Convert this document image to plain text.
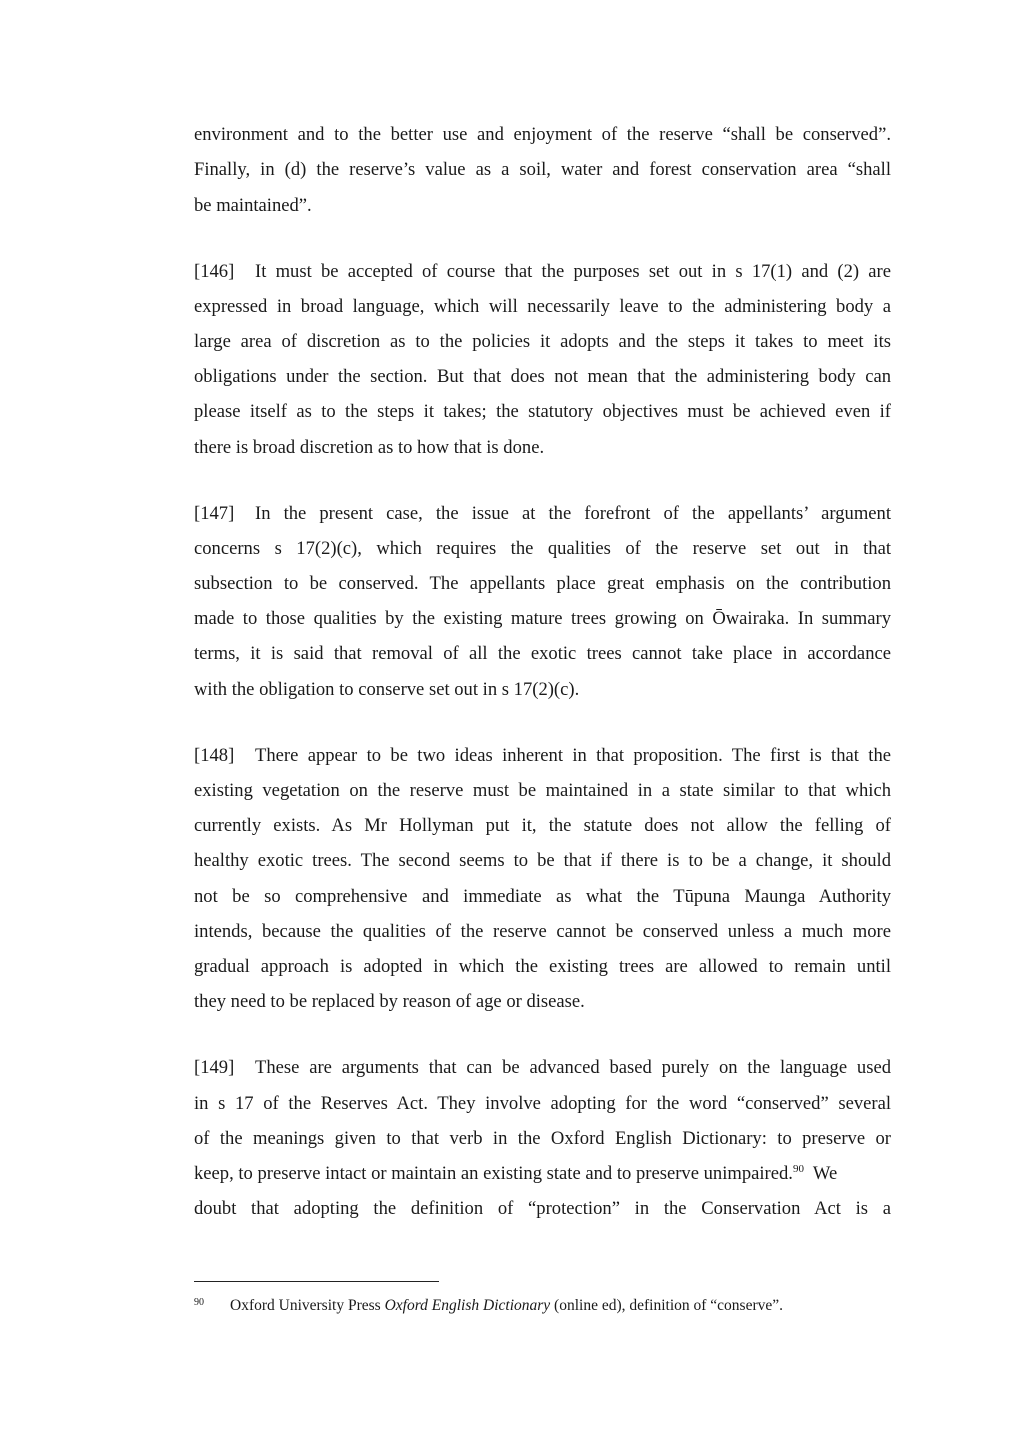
environment and to the better use and enjoyment of the reserve “shall be conserved”.
Finally, in (d) the reserve’s value as a soil, water and forest conservation area “shall
be maintained”.
[146] It must be accepted of course that the purposes set out in s 17(1) and (2) are
expressed in broad language, which will necessarily leave to the administering body a
large area of discretion as to the policies it adopts and the steps it takes to meet its
obligations under the section. But that does not mean that the administering body can
please itself as to the steps it takes; the statutory objectives must be achieved even if
there is broad discretion as to how that is done.
[147] In the present case, the issue at the forefront of the appellants’ argument
concerns s 17(2)(c), which requires the qualities of the reserve set out in that
subsection to be conserved. The appellants place great emphasis on the contribution
made to those qualities by the existing mature trees growing on Ōwairaka. In summary
terms, it is said that removal of all the exotic trees cannot take place in accordance
with the obligation to conserve set out in s 17(2)(c).
[148] There appear to be two ideas inherent in that proposition. The first is that the
existing vegetation on the reserve must be maintained in a state similar to that which
currently exists. As Mr Hollyman put it, the statute does not allow the felling of
healthy exotic trees. The second seems to be that if there is to be a change, it should
not be so comprehensive and immediate as what the Tūpuna Maunga Authority
intends, because the qualities of the reserve cannot be conserved unless a much more
gradual approach is adopted in which the existing trees are allowed to remain until
they need to be replaced by reason of age or disease.
[149] These are arguments that can be advanced based purely on the language used
in s 17 of the Reserves Act. They involve adopting for the word “conserved” several
of the meanings given to that verb in the Oxford English Dictionary: to preserve or
keep, to preserve intact or maintain an existing state and to preserve unimpaired.$^{90}$  We
doubt that adopting the definition of “protection” in the Conservation Act is a
90 Oxford University Press Oxford English Dictionary (online ed), definition of “conserve”.
